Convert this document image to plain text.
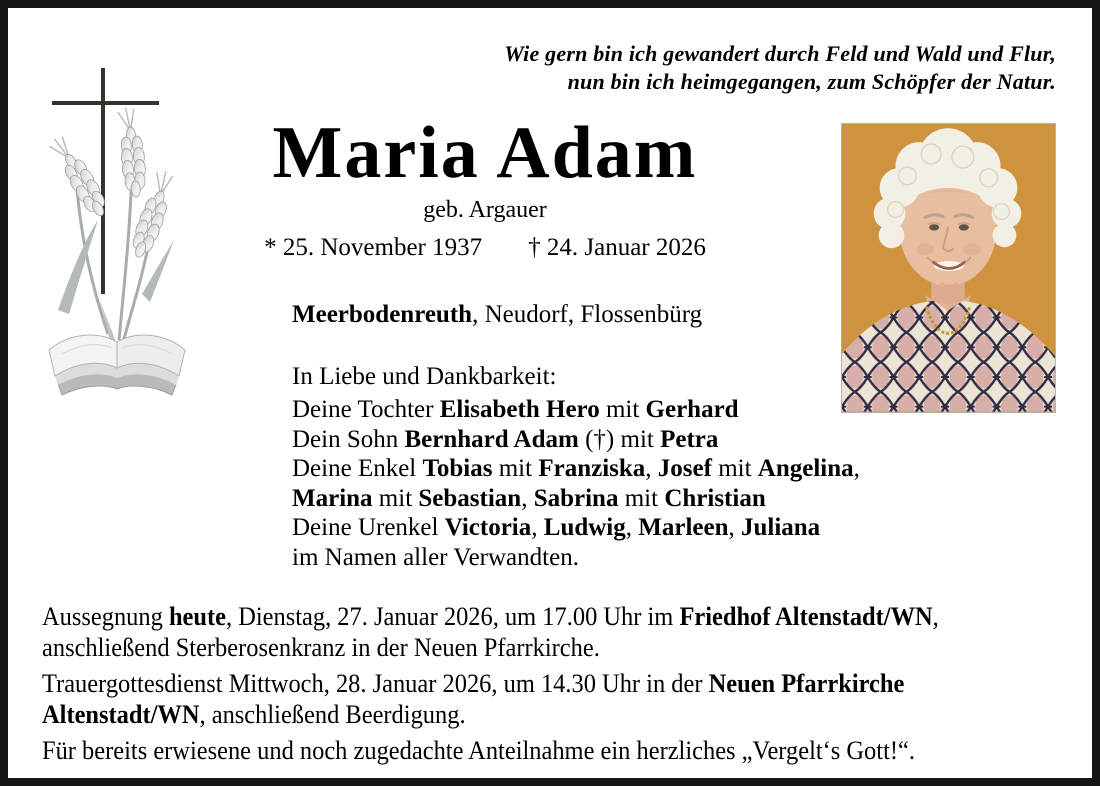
Wie gern bin ich gewandert durch Feld und Wald und Flur,
nun bin ich heimgegangen, zum Schöpfer der Natur.
Maria Adam
geb. Argauer
* 25. November 1937 † 24. Januar 2026
Meerbodenreuth, Neudorf, Flossenbürg
In Liebe und Dankbarkeit:
Deine Tochter Elisabeth Hero mit Gerhard
Dein Sohn Bernhard Adam (†) mit Petra
Deine Enkel Tobias mit Franziska, Josef mit Angelina,
Marina mit Sebastian, Sabrina mit Christian
Deine Urenkel Victoria, Ludwig, Marleen, Juliana
im Namen aller Verwandten.
Aussegnung heute, Dienstag, 27. Januar 2026, um 17.00 Uhr im Friedhof Altenstadt/WN,
anschließend Sterberosenkranz in der Neuen Pfarrkirche.
Trauergottesdienst Mittwoch, 28. Januar 2026, um 14.30 Uhr in der Neuen Pfarrkirche
Altenstadt/WN, anschließend Beerdigung.
Für bereits erwiesene und noch zugedachte Anteilnahme ein herzliches „Vergelt‘s Gott!“.
